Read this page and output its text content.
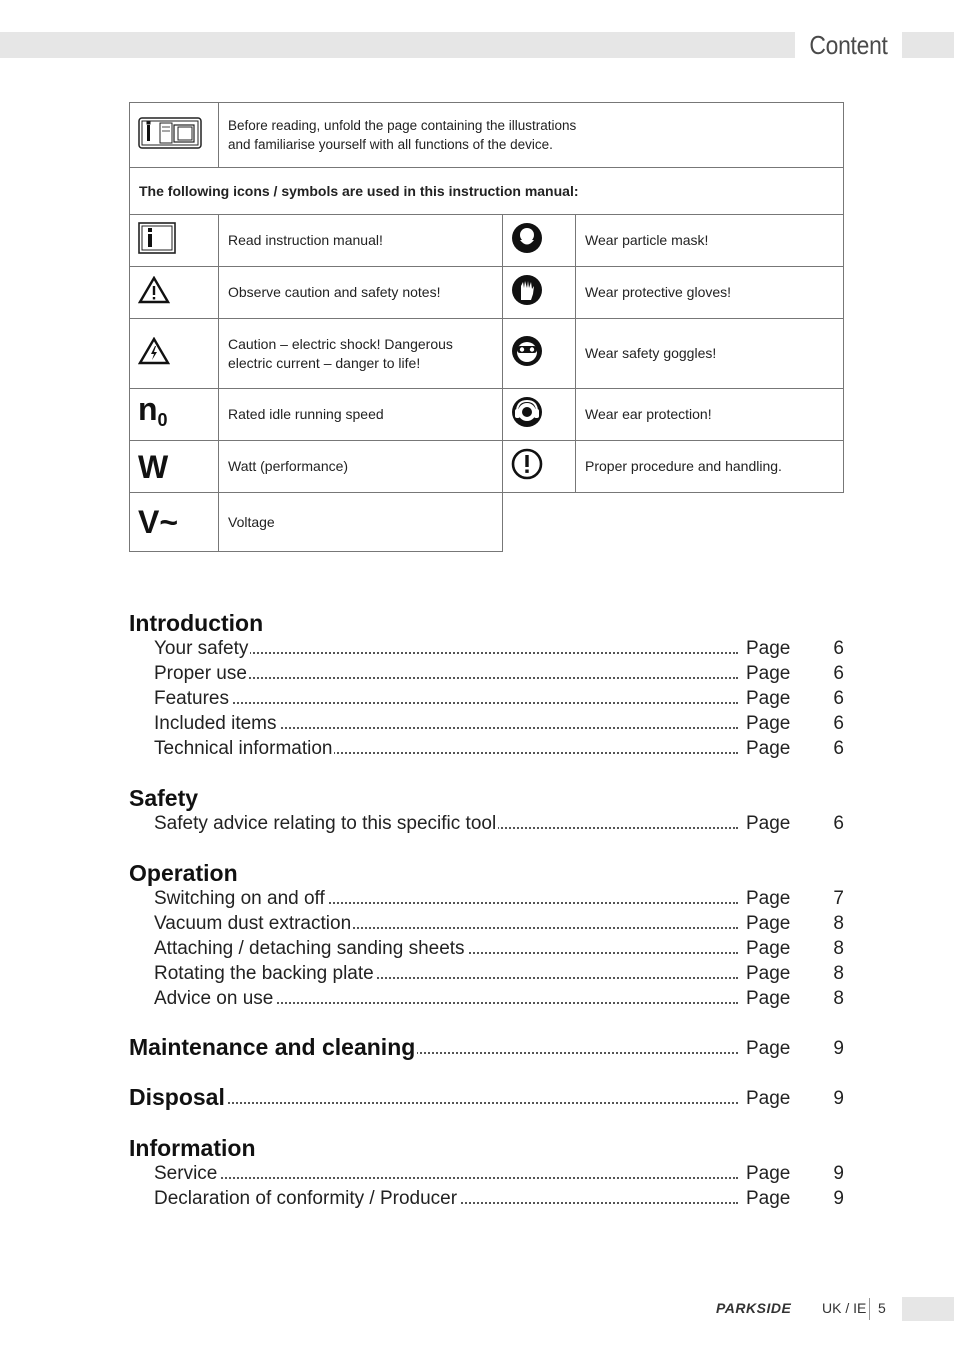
Content

Before reading, unfold the page containing the illustrations
and familiarise yourself with all functions of the device.		

The following icons / symbols are used in this instruction manual:			
	Read instruction manual!		Wear particle mask!
	Observe caution and safety notes!		Wear protective gloves!
	Caution – electric shock! Dangerous electric current – danger to life!		Wear safety goggles!
$n_0$	Rated idle running speed		Wear ear protection!
W	Watt (performance)		Proper procedure and handling.
V~	Voltage		
Introduction
Your safety	Page 6
Proper use	Page 6
Features	Page 6
Included items	Page 6
Technical information	Page 6
Safety
Safety advice relating to this specific tool	Page 6
Operation
Switching on and off	Page 7
Vacuum dust extraction	Page 8
Attaching / detaching sanding sheets	Page 8
Rotating the backing plate	Page 8
Advice on use	Page 8
Maintenance and cleaning	Page 9
Disposal	Page 9
Information
Service	Page 9
Declaration of conformity / Producer	Page 9
PARKSIDE UK / IE 5
